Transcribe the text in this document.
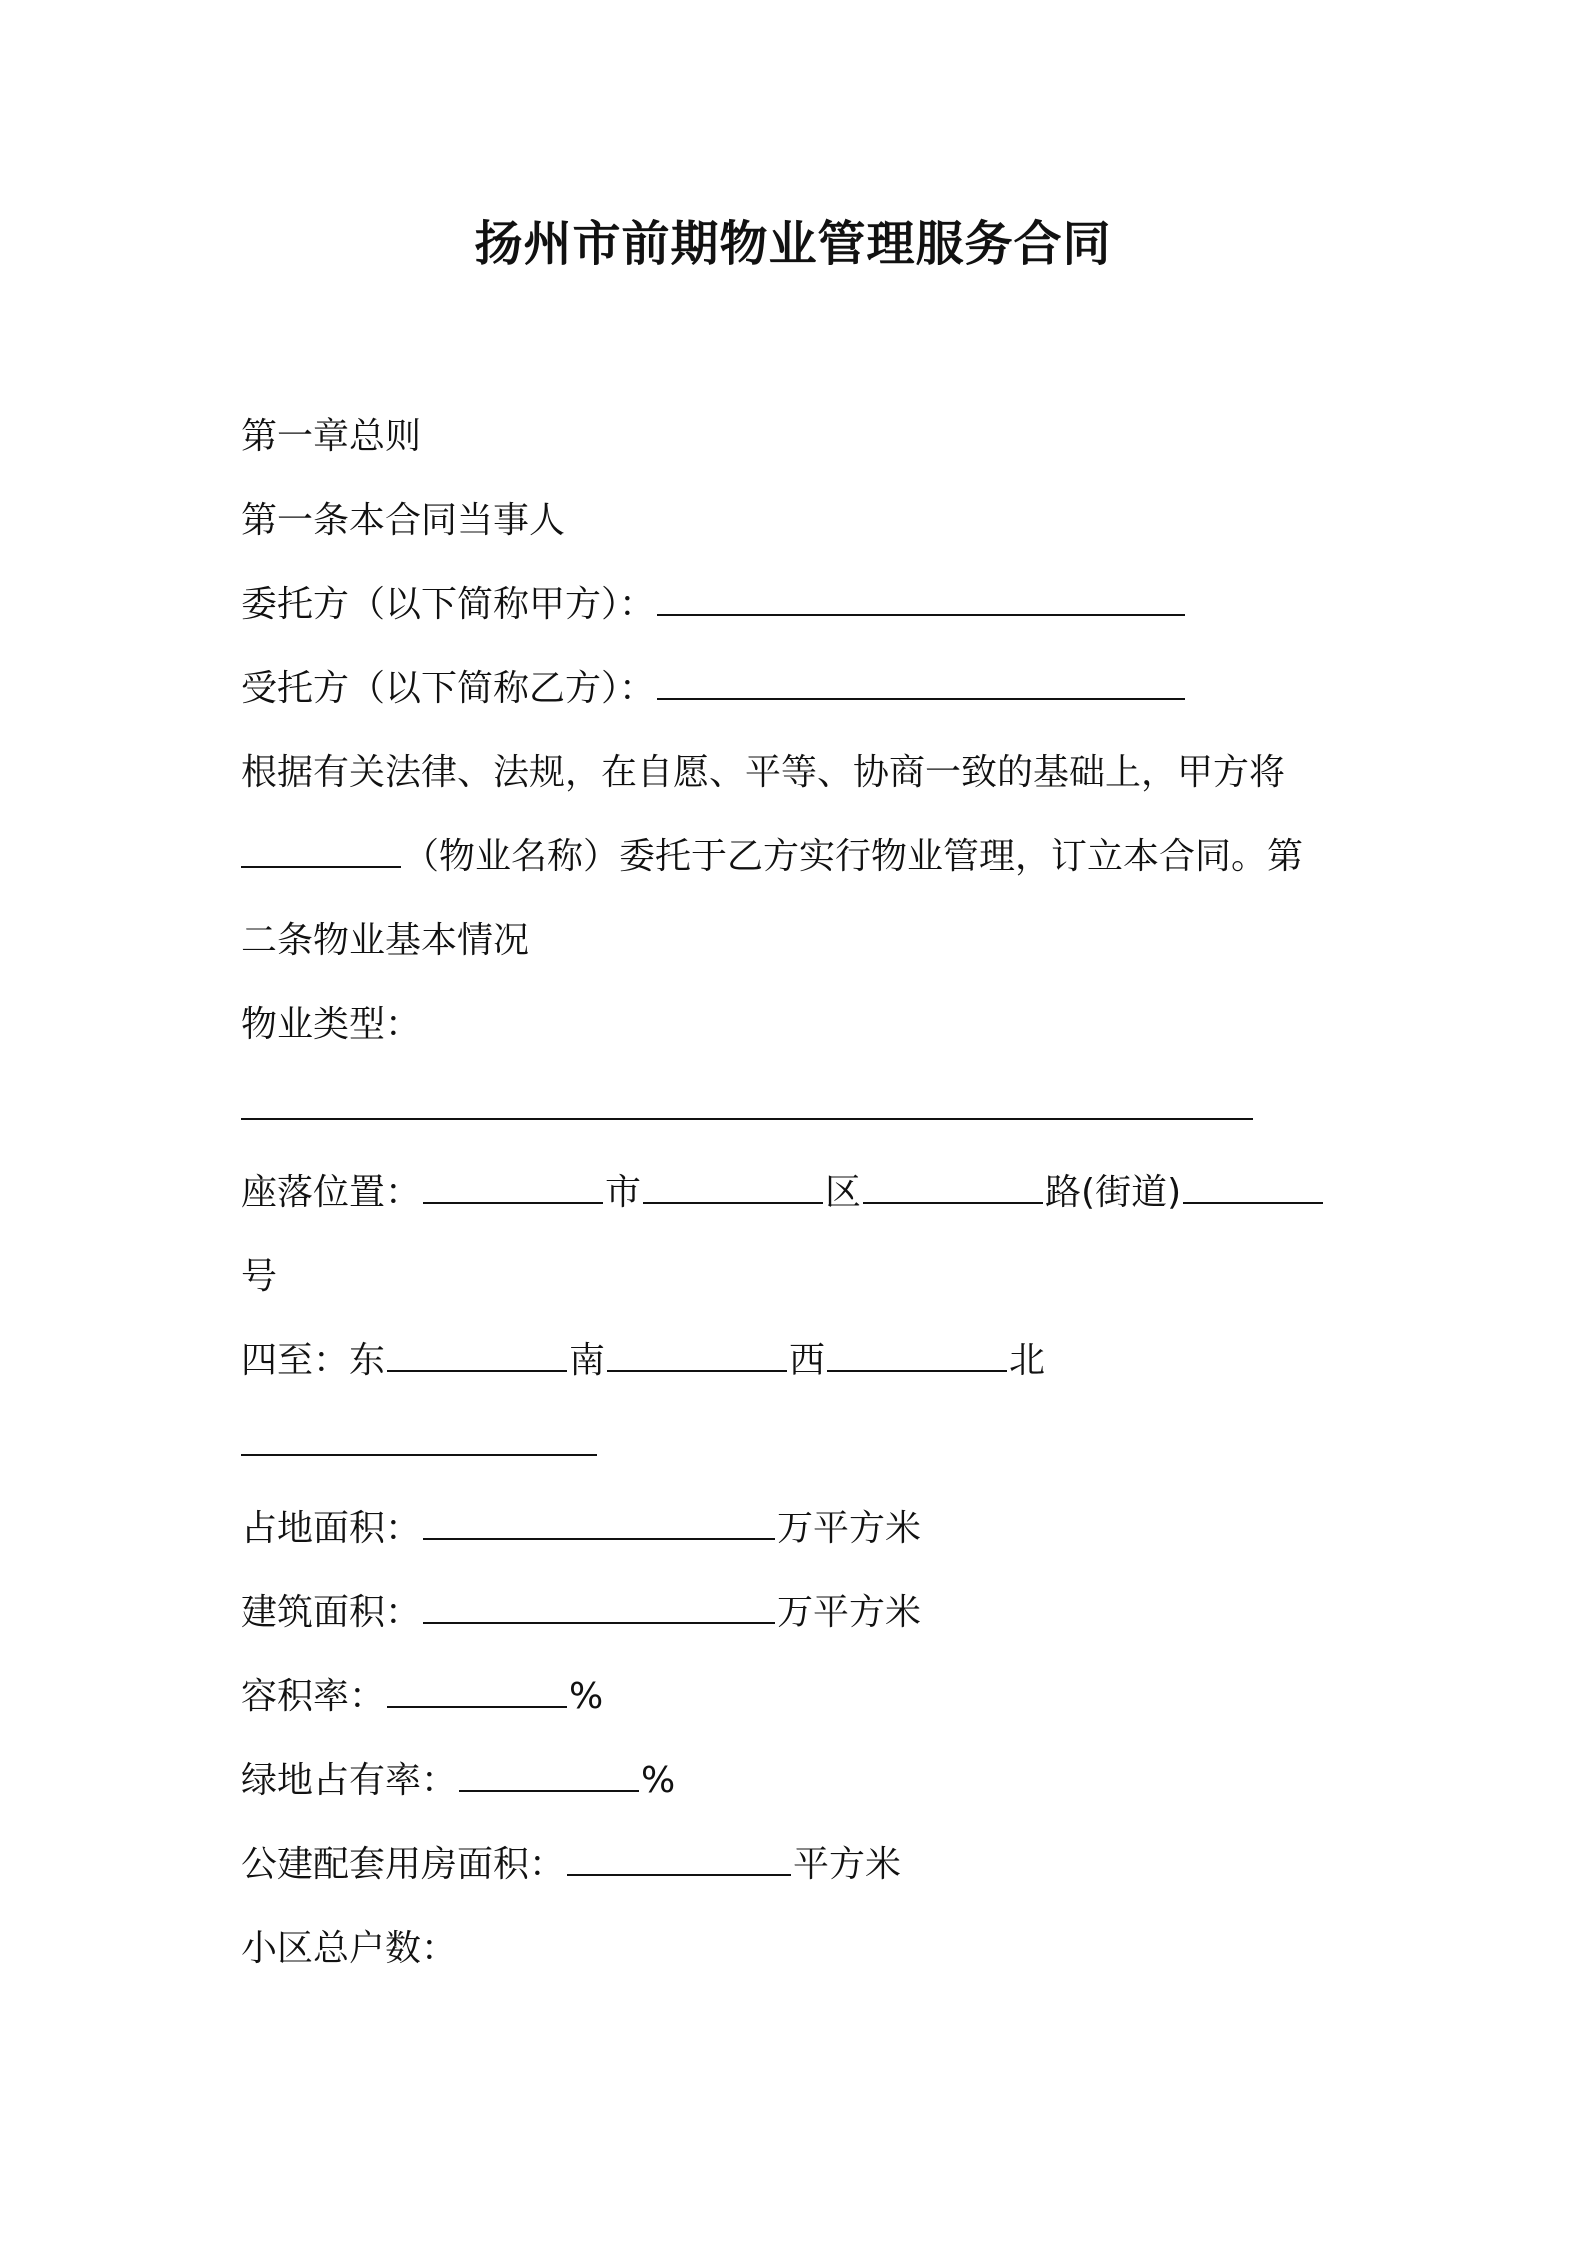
扬州市前期物业管理服务合同
第一章总则
第一条本合同当事人
委托方（以下简称甲方）：
受托方（以下简称乙方）：
根据有关法律、法规，在自愿、平等、协商一致的基础上，甲方将
（物业名称）委托于乙方实行物业管理，订立本合同。第
二条物业基本情况
物业类型：
座落位置：	市	区	路(街道)
号
四至：东	南	西	北
占地面积：	万平方米
建筑面积：	万平方米
容积率：	%
绿地占有率：	%
公建配套用房面积：	平方米
小区总户数：
